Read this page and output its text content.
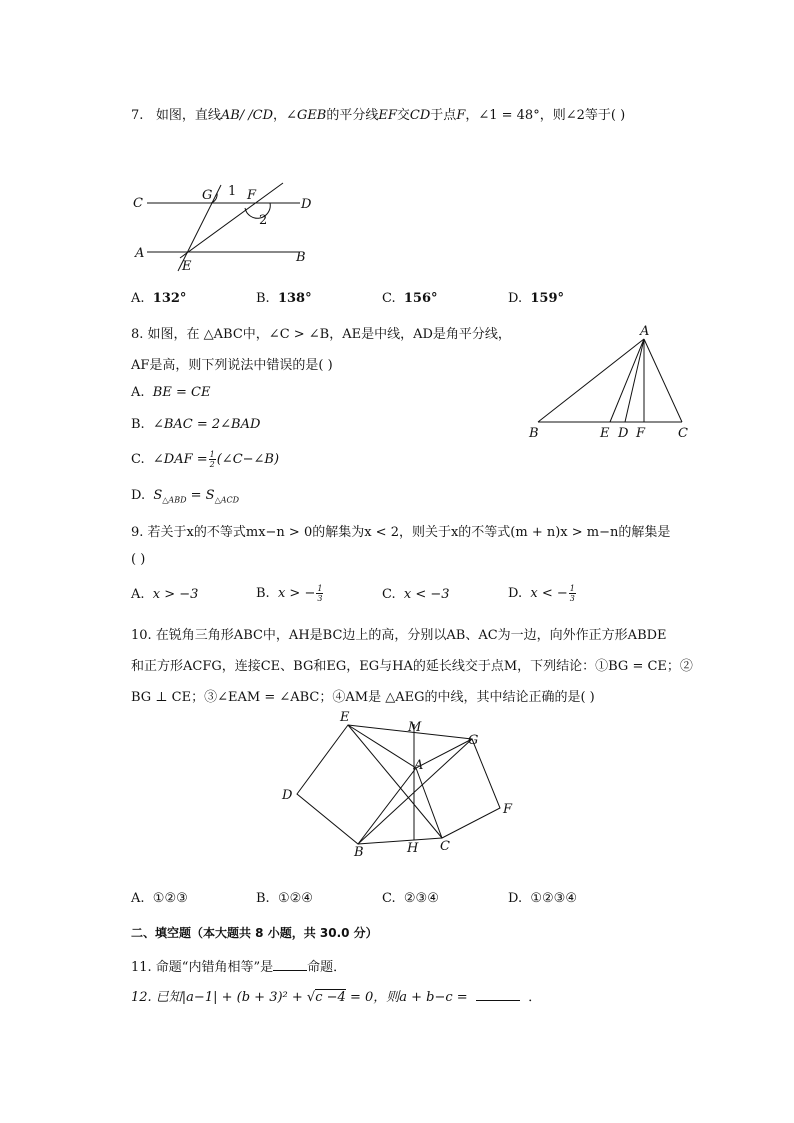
7. 如图，直线AB/ /CD，∠GEB的平分线EF交CD于点F，∠1 = 48°，则∠2等于( )
C
G 1 F
D
2
A
E
B
A. 132°	B. 138°	C. 156°	D. 159°
8. 如图，在 △ABC中，∠C > ∠B，AE是中线，AD是角平分线，
AF是高，则下列说法中错误的是( )
A. BE = CE
B. ∠BAC = 2∠BAD
C. ∠DAF = $\frac{1}{2}$ (∠C−∠B)
D. $S_{\triangle ABD} = S_{\triangle ACD}$
A
B	E D F	C
9. 若关于x的不等式mx−n > 0的解集为x < 2，则关于x的不等式(m + n)x > m−n的解集是
( )
A. x > −3	B. x > − $\frac{1}{3}$	C. x < −3	D. x < − $\frac{1}{3}$
10. 在锐角三角形ABC中，AH是BC边上的高，分别以AB、AC为一边，向外作正方形ABDE
和正方形ACFG，连接CE、BG和EG，EG与HA的延长线交于点M，下列结论：①BG = CE；②
BG ⊥ CE；③∠EAM = ∠ABC；④AM是 △AEG的中线，其中结论正确的是( )
E
M
G
A
D
F
B	H C
A. ①②③	B. ①②④	C. ②③④	D. ①②③④
二、填空题（本大题共 8 小题，共 30.0 分）
11. 命题“内错角相等”是	命题．
12. 已知|a−1| + (b + 3)² + √c −4 = 0，则a + b−c =	．
